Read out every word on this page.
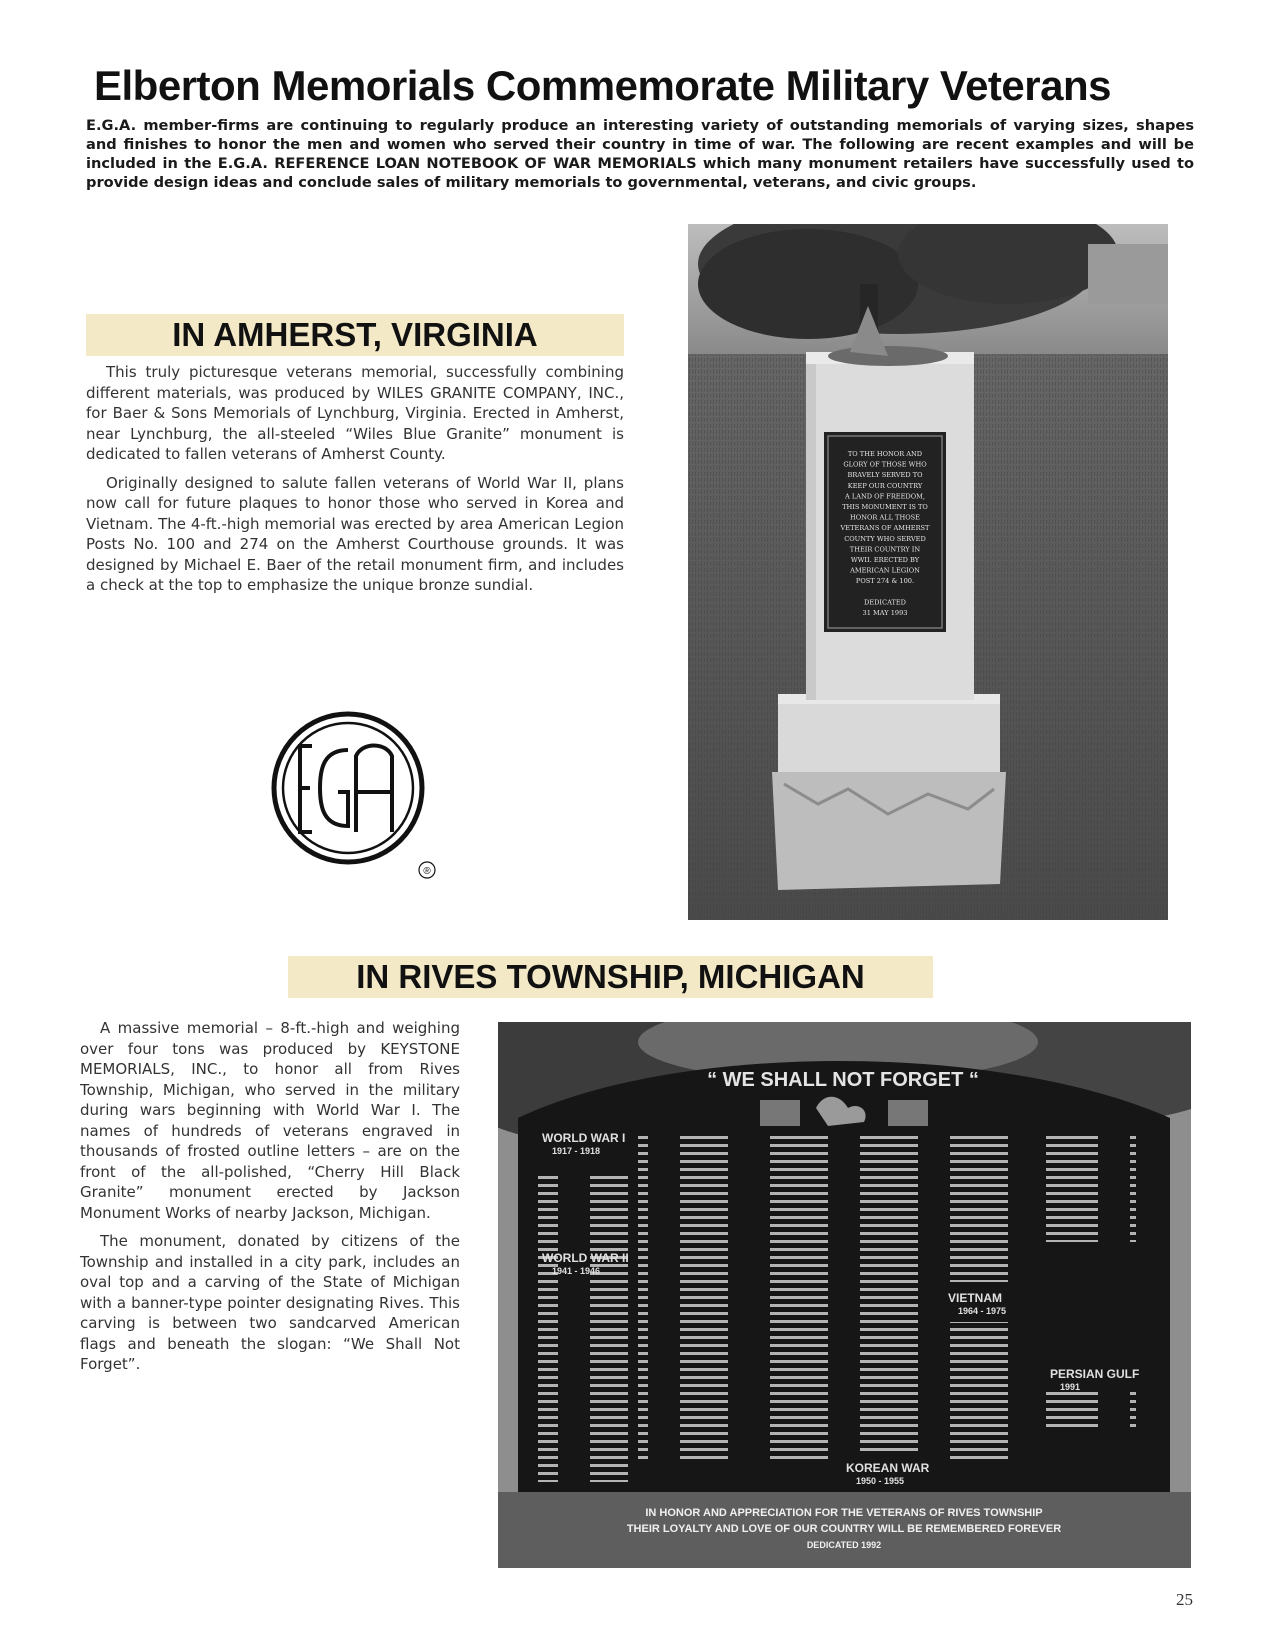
Elberton Memorials Commemorate Military Veterans
E.G.A. member-firms are continuing to regularly produce an interesting variety of outstanding memorials of varying sizes, shapes and finishes to honor the men and women who served their country in time of war. The following are recent examples and will be included in the E.G.A. REFERENCE LOAN NOTEBOOK OF WAR MEMORIALS which many monument retailers have successfully used to provide design ideas and conclude sales of military memorials to governmental, veterans, and civic groups.
IN AMHERST, VIRGINIA

This truly picturesque veterans memorial, successfully combining different materials, was produced by WILES GRANITE COMPANY, INC., for Baer & Sons Memorials of Lynchburg, Virginia. Erected in Amherst, near Lynchburg, the all-steeled “Wiles Blue Granite” monument is dedicated to fallen veterans of Amherst County.

Originally designed to salute fallen veterans of World War II, plans now call for future plaques to honor those who served in Korea and Vietnam. The 4-ft.-high memorial was erected by area American Legion Posts No. 100 and 274 on the Amherst Courthouse grounds. It was designed by Michael E. Baer of the retail monument firm, and includes a check at the top to emphasize the unique bronze sundial.

®
TO THE HONOR AND GLORY OF THOSE WHO BRAVELY SERVED TO KEEP OUR COUNTRY A LAND OF FREEDOM, THIS MONUMENT IS TO HONOR ALL THOSE VETERANS OF AMHERST COUNTY WHO SERVED THEIR COUNTRY IN WWII. ERECTED BY AMERICAN LEGION POST 274 & 100. DEDICATED 31 MAY 1993
IN RIVES TOWNSHIP, MICHIGAN

A massive memorial – 8-ft.-high and weighing over four tons was produced by KEYSTONE MEMORIALS, INC., to honor all from Rives Township, Michigan, who served in the military during wars beginning with World War I. The names of hundreds of veterans engraved in thousands of frosted outline letters – are on the front of the all-polished, “Cherry Hill Black Granite” monument erected by Jackson Monument Works of nearby Jackson, Michigan.

The monument, donated by citizens of the Township and installed in a city park, includes an oval top and a carving of the State of Michigan with a banner-type pointer designating Rives. This carving is between two sandcarved American flags and beneath the slogan: “We Shall Not Forget”.

“ WE SHALL NOT FORGET “
WORLD WAR I
1917 - 1918
WORLD WAR II
1941 - 1946
KOREAN WAR
1950 - 1955
VIETNAM
1964 - 1975
PERSIAN GULF
1991
IN HONOR AND APPRECIATION FOR THE VETERANS OF RIVES TOWNSHIP
THEIR LOYALTY AND LOVE OF OUR COUNTRY WILL BE REMEMBERED FOREVER
DEDICATED 1992
25
